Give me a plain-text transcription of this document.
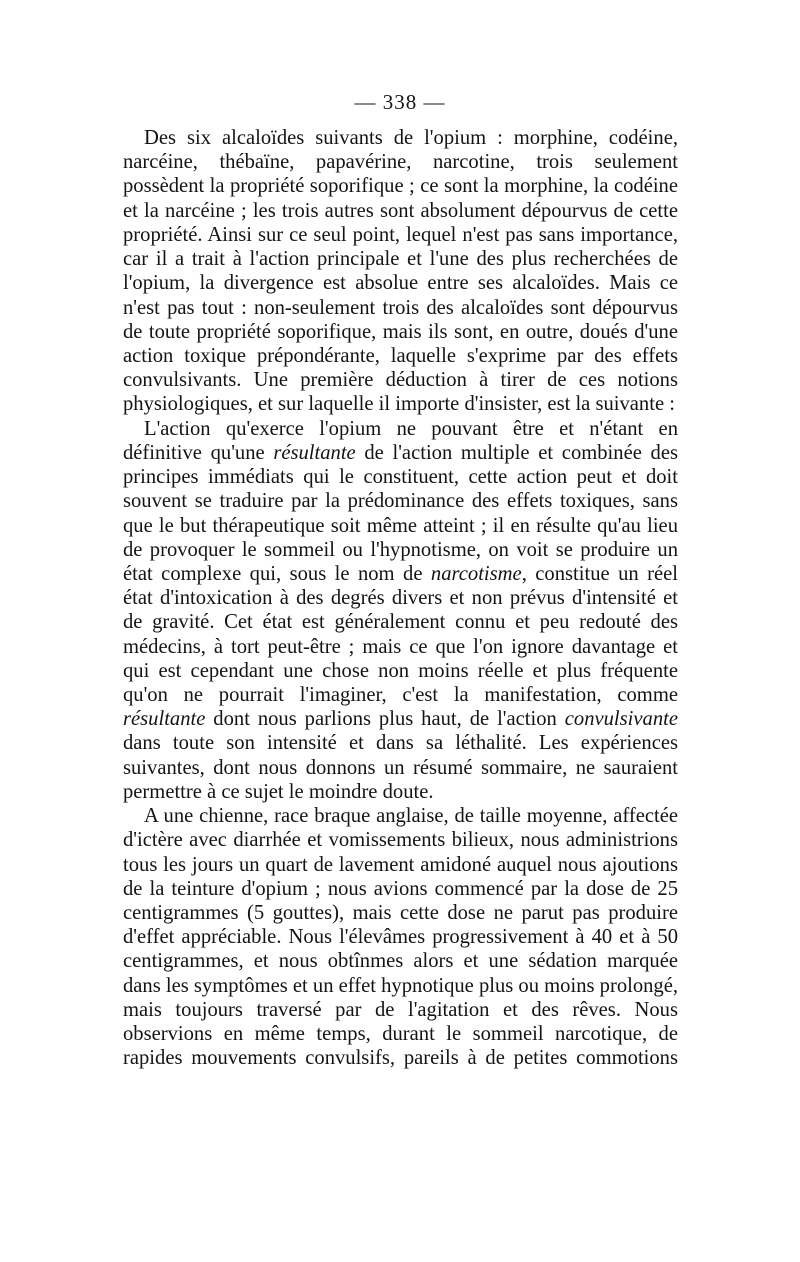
— 338 —

Des six alcaloïdes suivants de l'opium : morphine, codéine, narcéine, thébaïne, papavérine, narcotine, trois seulement possèdent la propriété soporifique ; ce sont la morphine, la codéine et la narcéine ; les trois autres sont absolument dépourvus de cette propriété. Ainsi sur ce seul point, lequel n'est pas sans importance, car il a trait à l'action principale et l'une des plus recherchées de l'opium, la divergence est absolue entre ses alcaloïdes. Mais ce n'est pas tout : non-seulement trois des alcaloïdes sont dépourvus de toute propriété soporifique, mais ils sont, en outre, doués d'une action toxique prépondérante, laquelle s'exprime par des effets convulsivants. Une première déduction à tirer de ces notions physiologiques, et sur laquelle il importe d'insister, est la suivante :

L'action qu'exerce l'opium ne pouvant être et n'étant en définitive qu'une résultante de l'action multiple et combinée des principes immédiats qui le constituent, cette action peut et doit souvent se traduire par la prédominance des effets toxiques, sans que le but thérapeutique soit même atteint ; il en résulte qu'au lieu de provoquer le sommeil ou l'hypnotisme, on voit se produire un état complexe qui, sous le nom de narcotisme, constitue un réel état d'intoxication à des degrés divers et non prévus d'intensité et de gravité. Cet état est généralement connu et peu redouté des médecins, à tort peut-être ; mais ce que l'on ignore davantage et qui est cependant une chose non moins réelle et plus fréquente qu'on ne pourrait l'imaginer, c'est la manifestation, comme résultante dont nous parlions plus haut, de l'action convulsivante dans toute son intensité et dans sa léthalité. Les expériences suivantes, dont nous donnons un résumé sommaire, ne sauraient permettre à ce sujet le moindre doute.

A une chienne, race braque anglaise, de taille moyenne, affectée d'ictère avec diarrhée et vomissements bilieux, nous administrions tous les jours un quart de lavement amidoné auquel nous ajoutions de la teinture d'opium ; nous avions commencé par la dose de 25 centigrammes (5 gouttes), mais cette dose ne parut pas produire d'effet appréciable. Nous l'élevâmes progressivement à 40 et à 50 centigrammes, et nous obtînmes alors et une sédation marquée dans les symptômes et un effet hypnotique plus ou moins prolongé, mais toujours traversé par de l'agitation et des rêves. Nous observions en même temps, durant le sommeil narcotique, de rapides mouvements convulsifs, pareils à de petites commotions
